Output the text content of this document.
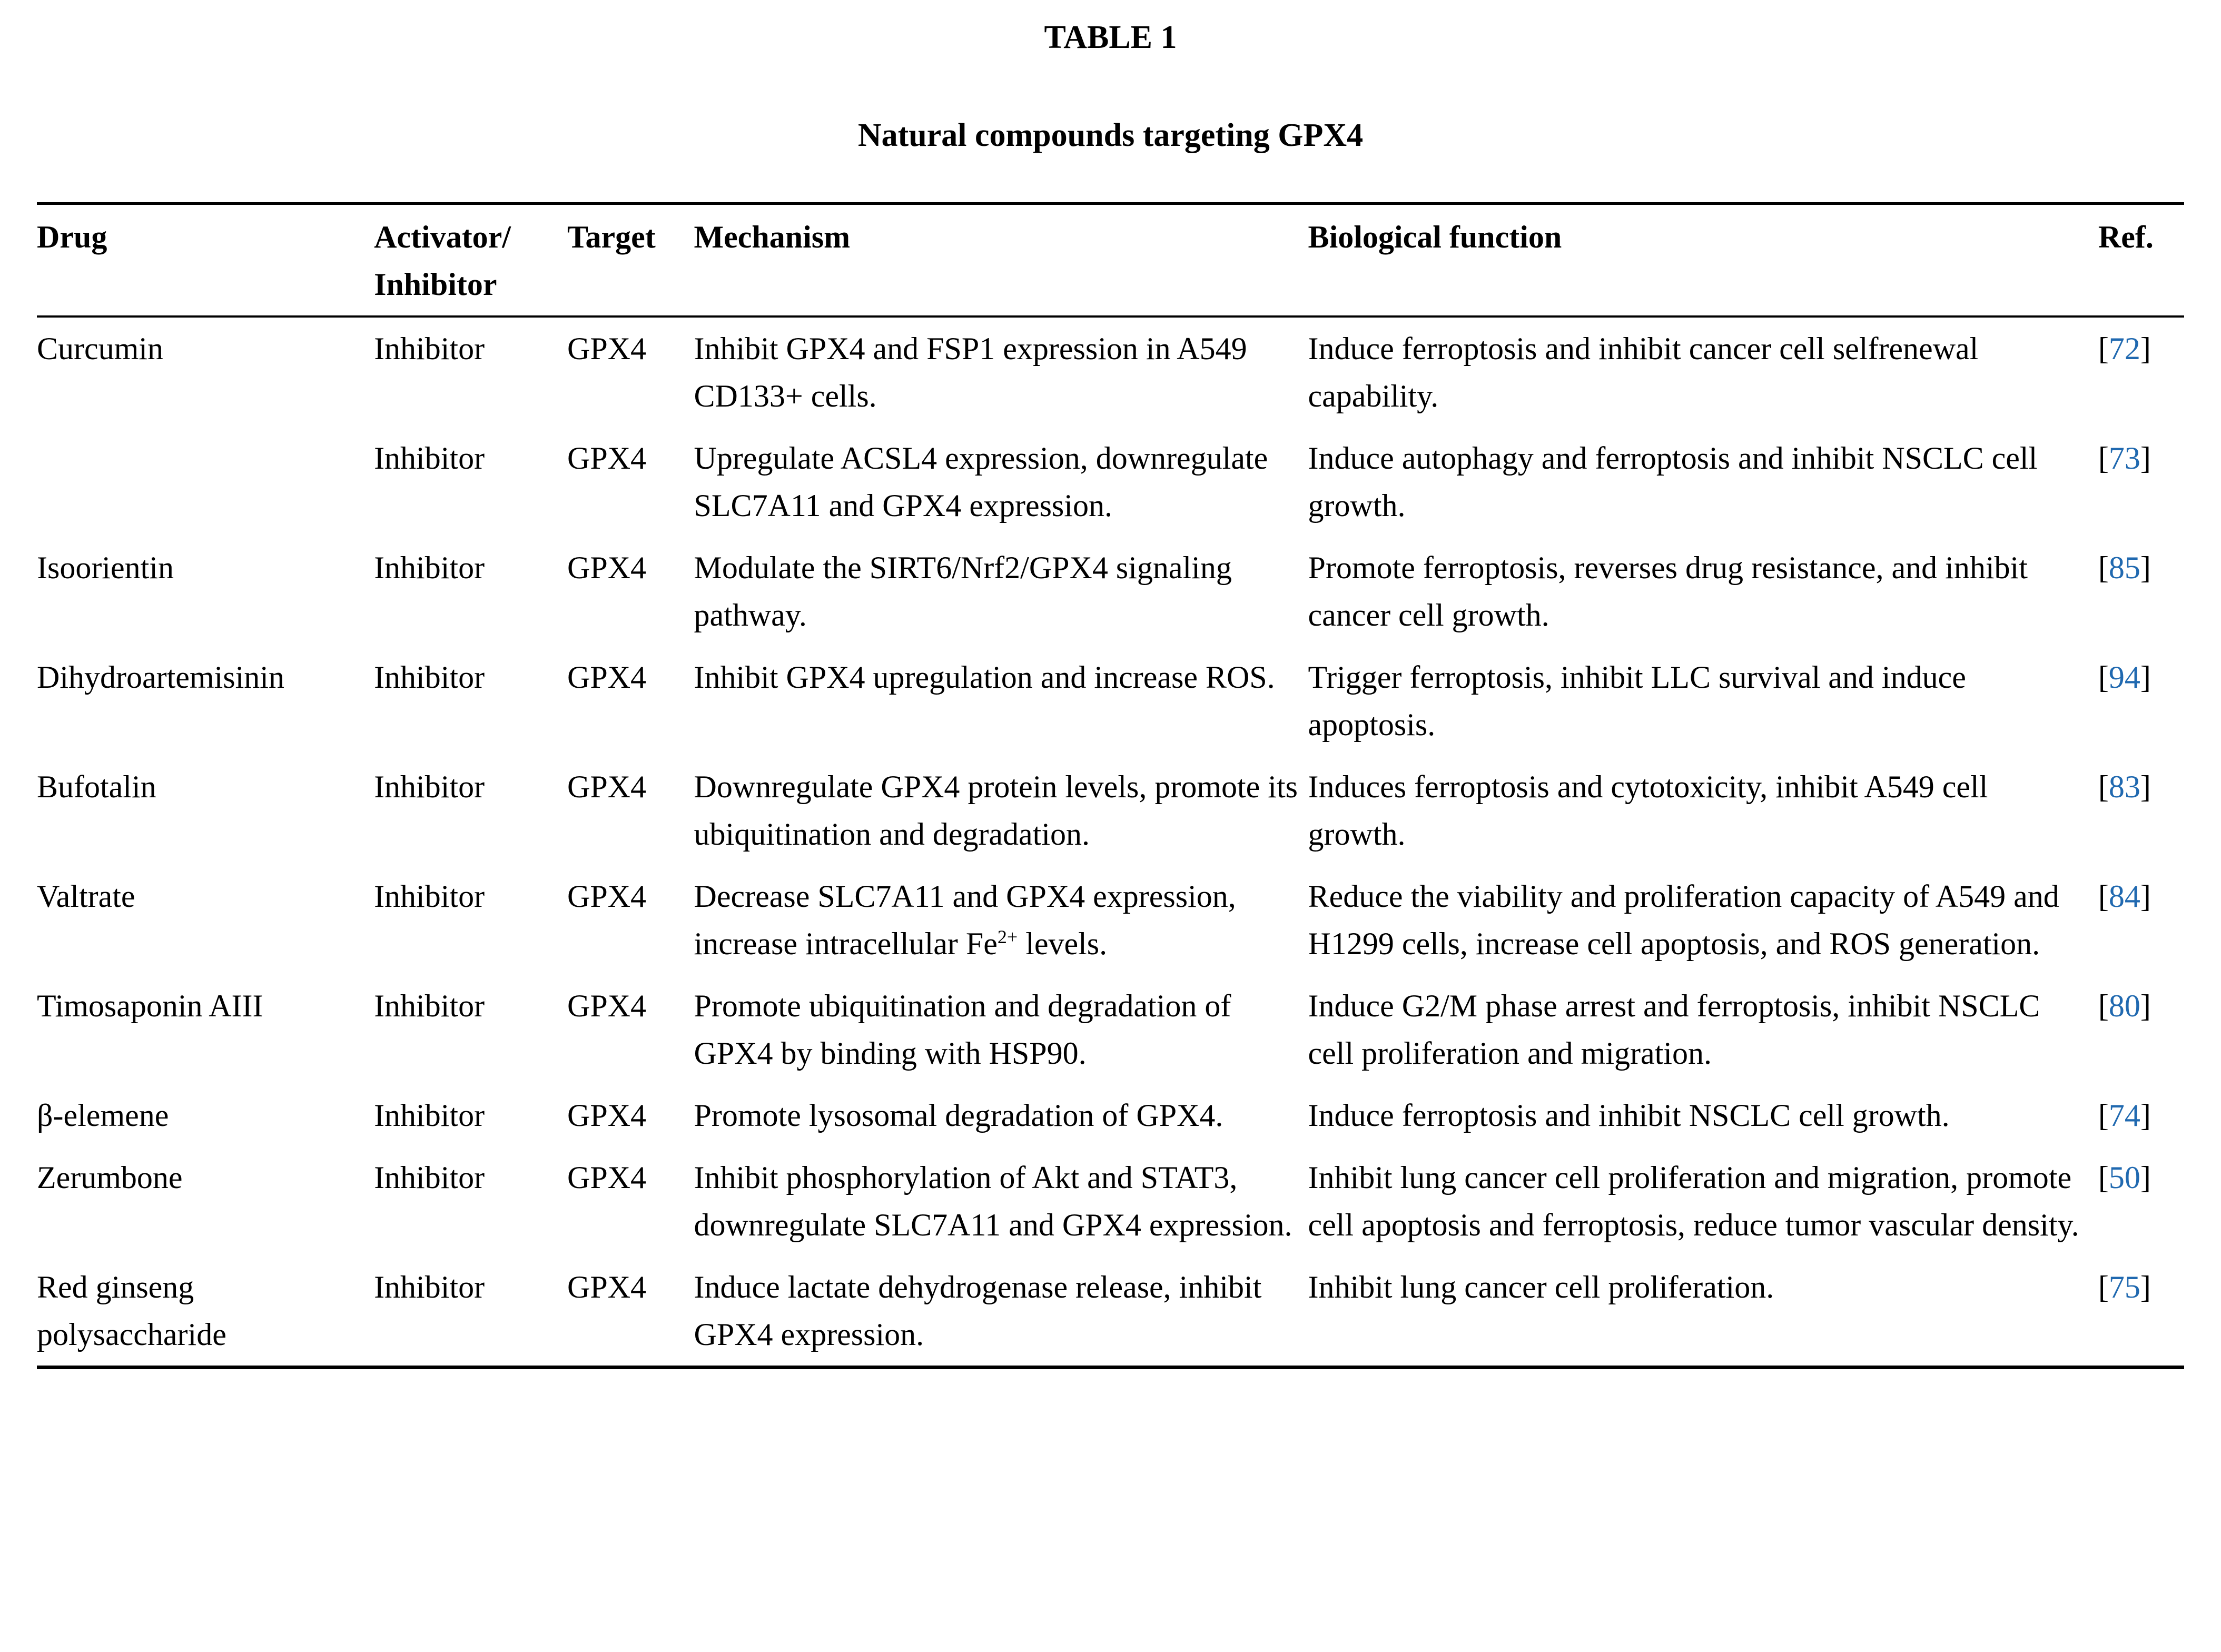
TABLE 1

Natural compounds targeting GPX4

Drug	Activator/ Inhibitor	Target	Mechanism	Biological function	Ref.
Curcumin	Inhibitor	GPX4	Inhibit GPX4 and FSP1 expression in A549 CD133+ cells.	Induce ferroptosis and inhibit cancer cell selfrenewal capability.	[72]
	Inhibitor	GPX4	Upregulate ACSL4 expression, downregulate SLC7A11 and GPX4 expression.	Induce autophagy and ferroptosis and inhibit NSCLC cell growth.	[73]
Isoorientin	Inhibitor	GPX4	Modulate the SIRT6/Nrf2/GPX4 signaling pathway.	Promote ferroptosis, reverses drug resistance, and inhibit cancer cell growth.	[85]
Dihydroartemisinin	Inhibitor	GPX4	Inhibit GPX4 upregulation and increase ROS.	Trigger ferroptosis, inhibit LLC survival and induce apoptosis.	[94]
Bufotalin	Inhibitor	GPX4	Downregulate GPX4 protein levels, promote its ubiquitination and degradation.	Induces ferroptosis and cytotoxicity, inhibit A549 cell growth.	[83]
Valtrate	Inhibitor	GPX4	Decrease SLC7A11 and GPX4 expression, increase intracellular $Fe^{2+}$ levels.	Reduce the viability and proliferation capacity of A549 and H1299 cells, increase cell apoptosis, and ROS generation.	[84]
Timosaponin AIII	Inhibitor	GPX4	Promote ubiquitination and degradation of GPX4 by binding with HSP90.	Induce G2/M phase arrest and ferroptosis, inhibit NSCLC cell proliferation and migration.	[80]
β-elemene	Inhibitor	GPX4	Promote lysosomal degradation of GPX4.	Induce ferroptosis and inhibit NSCLC cell growth.	[74]
Zerumbone	Inhibitor	GPX4	Inhibit phosphorylation of Akt and STAT3, downregulate SLC7A11 and GPX4 expression.	Inhibit lung cancer cell proliferation and migration, promote cell apoptosis and ferroptosis, reduce tumor vascular density.	[50]
Red ginseng polysaccharide	Inhibitor	GPX4	Induce lactate dehydrogenase release, inhibit GPX4 expression.	Inhibit lung cancer cell proliferation.	[75]
